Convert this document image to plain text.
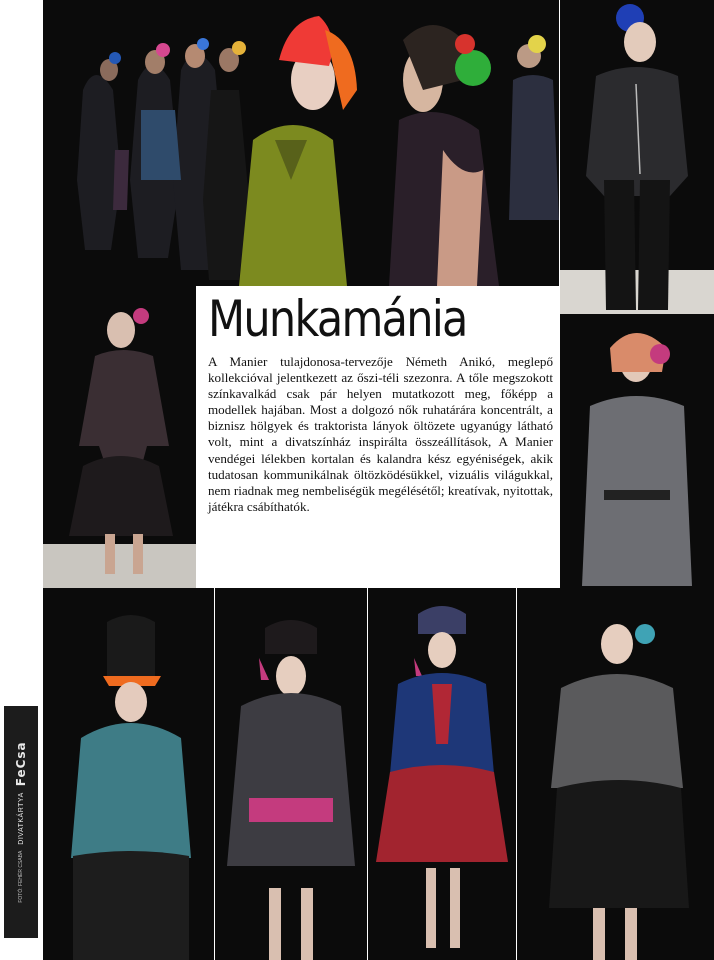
FOTÓ: FEHÉR CSABA
DIVATKÁRTYA
FeCsa
Munkamánia

A Manier tulajdonosa-tervezője Németh Anikó, meglepő kollekcióval jelentkezett az őszi-téli szezonra. A tőle megszokott színkavalkád csak pár helyen mutatkozott meg, főképp a modellek hajában. Most a dolgozó nők ruhatárára koncentrált, a biznisz hölgyek és traktorista lányok öltözete ugyanúgy látható volt, mint a divatszínház inspirálta összeállítások, A Manier vendégei lélekben kortalan és kalandra kész egyéniségek, akik tudatosan kommunikálnak öltözködésükkel, vizuális világukkal, nem riadnak meg nembeliségük megélésétől; kreatívak, nyitottak, játékra csábíthatók.
